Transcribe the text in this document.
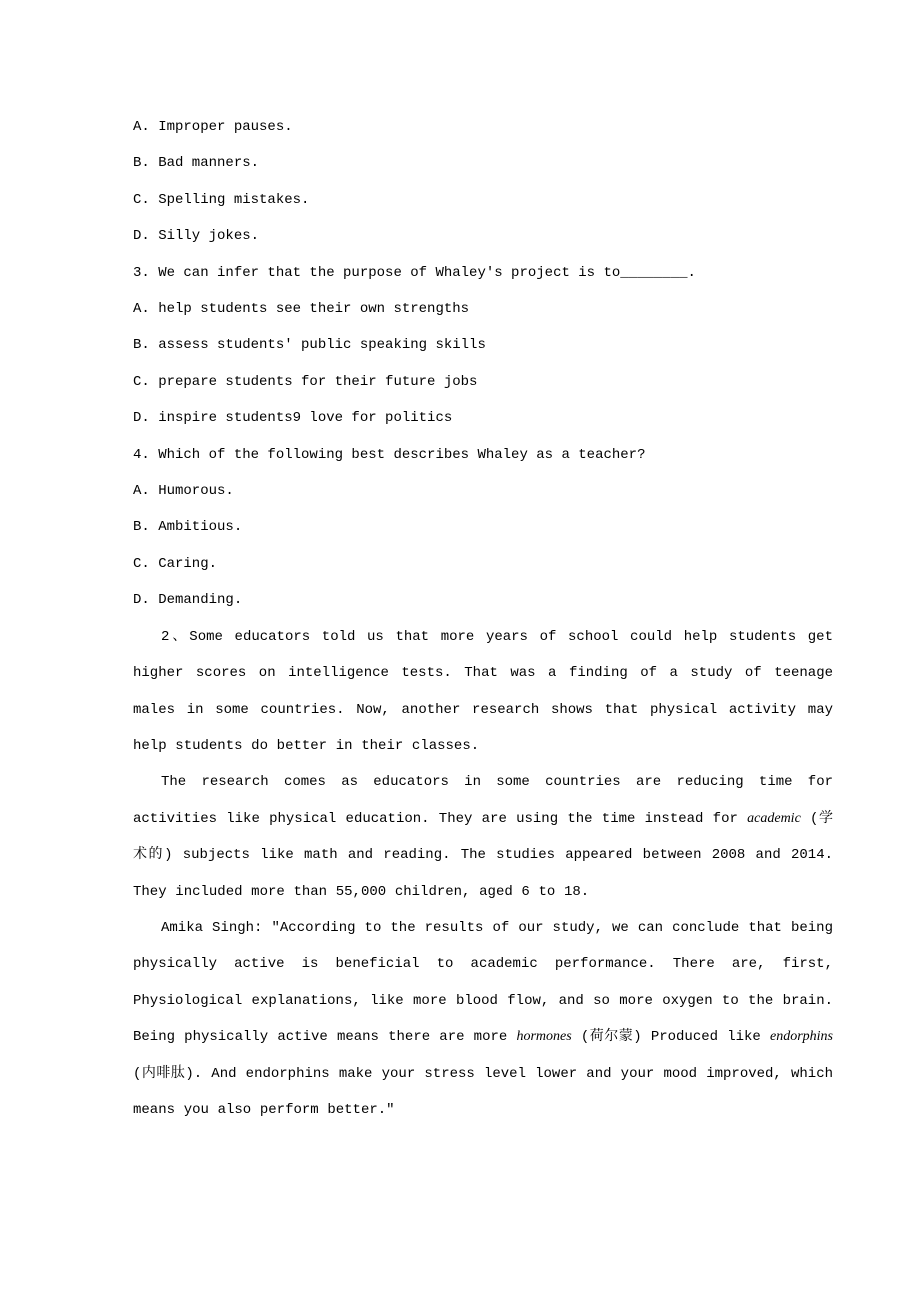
A. Improper pauses.

B. Bad manners.

C. Spelling mistakes.

D. Silly jokes.

3. We can infer that the purpose of Whaley's project is to________.

A. help students see their own strengths

B. assess students' public speaking skills

C. prepare students for their future jobs

D. inspire students9 love for politics

4. Which of the following best describes Whaley as a teacher?

A. Humorous.

B. Ambitious.

C. Caring.

D. Demanding.

2、Some educators told us that more years of school could help students get higher scores on intelligence tests. That was a finding of a study of teenage males in some countries. Now, another research shows that physical activity may help students do better in their classes.

The research comes as educators in some countries are reducing time for activities like physical education. They are using the time instead for academic (学术的) subjects like math and reading. The studies appeared between 2008 and 2014. They included more than 55,000 children, aged 6 to 18.

Amika Singh: "According to the results of our study, we can conclude that being physically active is beneficial to academic performance. There are, first, Physiological explanations, like more blood flow, and so more oxygen to the brain. Being physically active means there are more hormones (荷尔蒙) Produced like endorphins (内啡肽). And endorphins make your stress level lower and your mood improved, which means you also perform better."
